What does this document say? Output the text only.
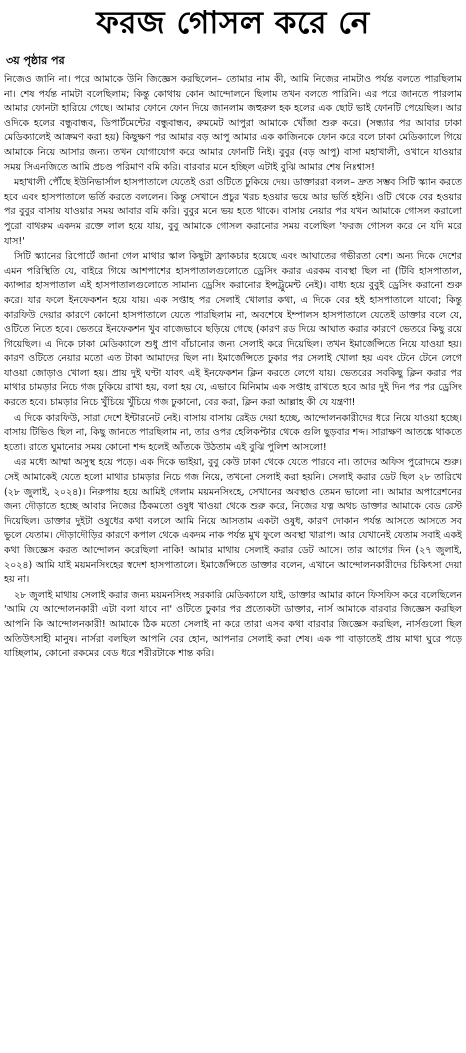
ফরজ গোসল করে নে
৩য় পৃষ্ঠার পর

নিজেও জানি না। পরে আমাকে উনি জিজ্ঞেস করছিলেন– তোমার নাম কী, আমি নিজের নামটাও পর্যন্ত বলতে পারছিলাম না। শেষ পর্যন্ত নামটা বলেছিলাম; কিন্তু কোথায় কোন আন্দোলনে ছিলাম তখন বলতে পারিনি। এর পরে জানতে পারলাম আমার ফোনটা হারিয়ে গেছে। আমার ফোনে ফোন দিয়ে জানলাম জহুরুল হক হলের এক ছোট ভাই ফোনটি পেয়েছিল। আর ওদিকে হলের বন্ধুবান্ধব, ডিপার্টমেন্টের বন্ধুবান্ধব, রুমমেট আপুরা আমাকে খোঁজা শুরু করে। (সন্ধ্যার পর আবার ঢাকা মেডিক্যালেই আক্রমণ করা হয়) কিছুক্ষণ পর আমার বড় আপু আমার এক কাজিনকে ফোন করে বলে ঢাকা মেডিক্যালে গিয়ে আমাকে নিয়ে আসার জন্য। তখন যোগাযোগ করে আমার ফোনটি নিই। বুবুর (বড় আপু) বাসা মহাখালী, ওখানে যাওয়ার সময় সিএনজিতে আমি প্রচণ্ড পরিমাণ বমি করি। বারবার মনে হচ্ছিল এটাই বুঝি আমার শেষ নিঃশ্বাস!

মহাখালী পৌঁছে ইউনিভার্সাল হাসপাতালে যেতেই ওরা ওটিতে ঢুকিয়ে দেয়। ডাক্তাররা বলল– দ্রুত সম্ভব সিটি স্ক্যান করতে হবে এবং হাসপাতালে ভর্তি করতে বললেন। কিন্তু সেখানে প্রচুর খরচ হওয়ার ভয়ে আর ভর্তি হইনি। ওটি থেকে বের হওয়ার পর বুবুর বাসায় যাওয়ার সময় আবার বমি করি। বুবুর মনে ভয় হতে থাকে। বাসায় নেয়ার পর যখন আমাকে গোসল করালো পুরো বাথরুম একদম রক্তে লাল হয়ে যায়, বুবু আমাকে গোসল করানোর সময় বলেছিল 'ফরজ গোসল করে নে যদি মরে যাস!'

সিটি স্ক্যানের রিপোর্টে জানা গেল মাথার স্কাল কিছুটা ফ্র্যাকচার হয়েছে এবং আঘাতের গভীরতা বেশ। অন্য দিকে দেশের এমন পরিস্থিতি যে, বাইরে গিয়ে আশপাশের হাসপাতালগুলোতে ড্রেসিং করার এরকম ব্যবস্থা ছিল না (টিবি হাসপাতাল, ক্যান্সার হাসপাতাল এই হাসপাতালগুলোতে সামান্য ড্রেসিং করানোর ইন্সট্রুমেন্ট নেই)। বাধ্য হয়ে বুবুই ড্রেসিং করানো শুরু করে। যার ফলে ইনফেকশন হয়ে যায়। এক সপ্তাহ পর সেলাই খোলার কথা, এ দিকে বের হই হাসপাতালে যাবো; কিন্তু কারফিউ দেয়ার কারণে কোনো হাসপাতালে যেতে পারছিলাম না, অবশেষে ইম্পালস হাসপাতালে যেতেই ডাক্তার বলে যে, ওটিতে নিতে হবে। ভেতরে ইনফেকশন খুব বাজেভাবে ছড়িয়ে গেছে (কারণ রড দিয়ে আঘাত করার কারণে ভেতরে কিছু রয়ে গিয়েছিল। এ দিকে ঢাকা মেডিক্যালে শুধু প্রাণ বাঁচানোর জন্য সেলাই করে দিয়েছিল। তখন ইমার্জেন্সিতে নিয়ে যাওয়া হয়। কারণ ওটিতে নেয়ার মতো এত টাকা আমাদের ছিল না। ইমার্জেন্সিতে ঢুকার পর সেলাই খোলা হয় এবং টেনে টেনে লেগে যাওয়া জোড়াও খোলা হয়। প্রায় দুই ঘণ্টা যাবৎ এই ইনফেকশন ক্লিন করতে লেগে যায়। ভেতরের সবকিছু ক্লিন করার পর মাথার চামড়ার নিচে গজ ঢুকিয়ে রাখা হয়, বলা হয় যে, এভাবে মিনিমাম এক সপ্তাহ রাখতে হবে আর দুই দিন পর পর ড্রেসিং করতে হবে। চামড়ার নিচে খুঁচিয়ে খুঁচিয়ে গজ ঢুকানো, বের করা, ক্লিন করা আল্লাহ কী যে যন্ত্রণা!

এ দিকে কারফিউ, সারা দেশে ইন্টারনেট নেই। বাসায় বাসায় রেইড দেয়া হচ্ছে, আন্দোলনকারীদের ধরে নিয়ে যাওয়া হচ্ছে। বাসায় টিভিও ছিল না, কিছু জানতে পারছিলাম না, তার ওপর হেলিকপ্টার থেকে গুলি ছুড়বার শব্দ। সারাক্ষণ আতঙ্কে থাকতে হতো। রাতে ঘুমানোর সময় কোনো শব্দ হলেই আঁতকে উঠতাম এই বুঝি পুলিশ আসলো!

এর মধ্যে আম্মা অসুস্থ হয়ে পড়ে। এক দিকে ভাইয়া, বুবু কেউ ঢাকা থেকে যেতে পারবে না। তাদের অফিস পুরোদমে শুরু। সেই আমাকেই যেতে হলো মাথার চামড়ার নিচে গজ নিয়ে, তখনো সেলাই করা হয়নি। সেলাই করার ডেট ছিল ২৮ তারিখে (২৮ জুলাই, ২০২৪)। নিরুপায় হয়ে আমিই গেলাম ময়মনসিংহে, সেখানের অবস্থাও তেমন ভালো না। আমার অপারেশনের জন্য দৌড়াতে হচ্ছে আবার নিজের ঠিকমতো ওষুধ খাওয়া থেকে শুরু করে, নিজের যত্ন অথচ ডাক্তার আমাকে বেড রেস্ট দিয়েছিল। ডাক্তার দুইটা ওষুধের কথা বললে আমি নিয়ে আসতাম একটা ওষুধ, কারণ দোকান পর্যন্ত আসতে আসতে সব ভুলে যেতাম। দৌড়াদৌড়ির কারণে কপাল থেকে একদম নাক পর্যন্ত মুখ ফুলে অবস্থা খারাপ। আর যেখানেই যেতাম সবাই একই কথা জিজ্ঞেস করত আন্দোলন করেছিলা নাকি! আমার মাথায় সেলাই করার ডেট আসে। তার আগের দিন (২৭ জুলাই, ২০২৪) আমি যাই ময়মনসিংহের স্বদেশ হাসপাতালে। ইমার্জেন্সিতে ডাক্তার বলেন, এখানে আন্দোলনকারীদের চিকিৎসা দেয়া হয় না।

২৮ জুলাই মাথায় সেলাই করার জন্য ময়মনসিংহ সরকারি মেডিক্যালে যাই, ডাক্তার আমার কানে ফিসফিস করে বলেছিলেন 'আমি যে আন্দোলনকারী এটা বলা যাবে না' ওটিতে ঢুকার পর প্রত্যেকটা ডাক্তার, নার্স আমাকে বারবার জিজ্ঞেস করছিল আপনি কি আন্দোলনকারী! আমাকে ঠিক মতো সেলাই না করে তারা এসব কথা বারবার জিজ্ঞেস করছিল, নার্সগুলো ছিল অতিউৎসাহী মানুষ। নার্সরা বলছিল আপনি বের হোন, আপনার সেলাই করা শেষ। এক পা বাড়াতেই প্রায় মাথা ঘুরে পড়ে যাচ্ছিলাম, কোনো রকমের বেড ধরে শরীরটাকে শান্ত করি।
